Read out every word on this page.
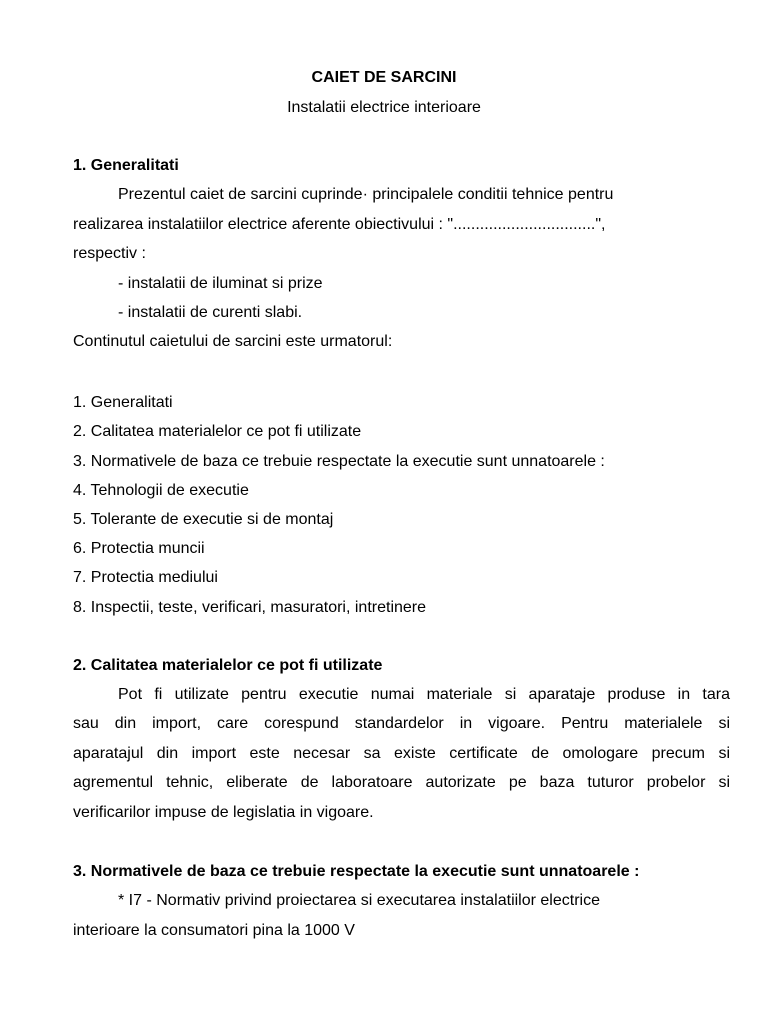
CAIET DE SARCINI
Instalatii electrice interioare
1. Generalitati
Prezentul caiet de sarcini cuprinde· principalele conditii tehnice pentru
realizarea instalatiilor electrice aferente obiectivului : "................................",
respectiv :
- instalatii de iluminat si prize
- instalatii de curenti slabi.
Continutul caietului de sarcini este urmatorul:
1. Generalitati
2. Calitatea materialelor ce pot fi utilizate
3. Normativele de baza ce trebuie respectate la executie sunt unnatoarele :
4. Tehnologii de executie
5. Tolerante de executie si de montaj
6. Protectia muncii
7. Protectia mediului
8. Inspectii, teste, verificari, masuratori, intretinere
2. Calitatea materialelor ce pot fi utilizate
Pot fi utilizate pentru executie numai materiale si aparataje produse in tara
sau din import, care corespund standardelor in vigoare. Pentru materialele si
aparatajul din import este necesar sa existe certificate de omologare precum si
agrementul tehnic, eliberate de laboratoare autorizate pe baza tuturor probelor si
verificarilor impuse de legislatia in vigoare.
3. Normativele de baza ce trebuie respectate la executie sunt unnatoarele :
* I7 - Normativ privind proiectarea si executarea instalatiilor electrice
interioare la consumatori pina la 1000 V
